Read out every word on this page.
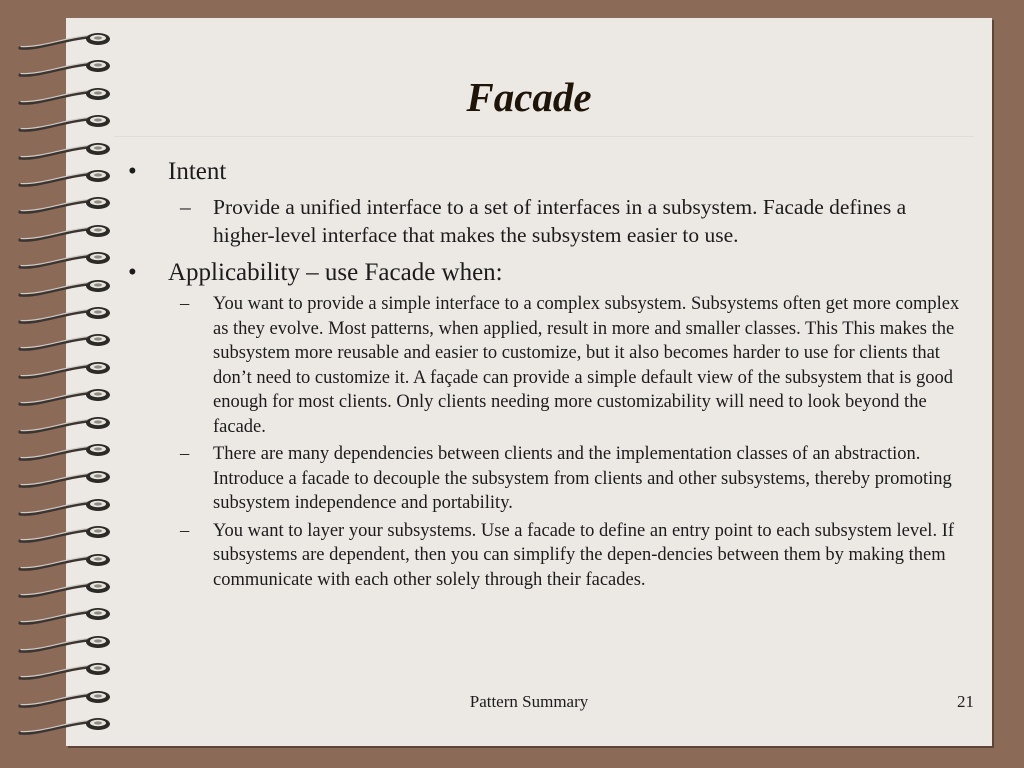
Facade
• Intent
– Provide a unified interface to a set of interfaces in a subsystem. Facade defines a higher-level interface that makes the subsystem easier to use.
• Applicability – use Facade when:
– You want to provide a simple interface to a complex subsystem. Subsystems often get more complex as they evolve. Most patterns, when applied, result in more and smaller classes. This This makes the subsystem more reusable and easier to customize, but it also becomes harder to use for clients that don’t need to customize it. A façade can provide a simple default view of the subsystem that is good enough for most clients. Only clients needing more customizability will need to look beyond the facade.
– There are many dependencies between clients and the implementation classes of an abstraction. Introduce a facade to decouple the subsystem from clients and other subsystems, thereby promoting subsystem independence and portability.
– You want to layer your subsystems. Use a facade to define an entry point to each subsystem level. If subsystems are dependent, then you can simplify the depen-dencies between them by making them communicate with each other solely through their facades.
Pattern Summary	21
